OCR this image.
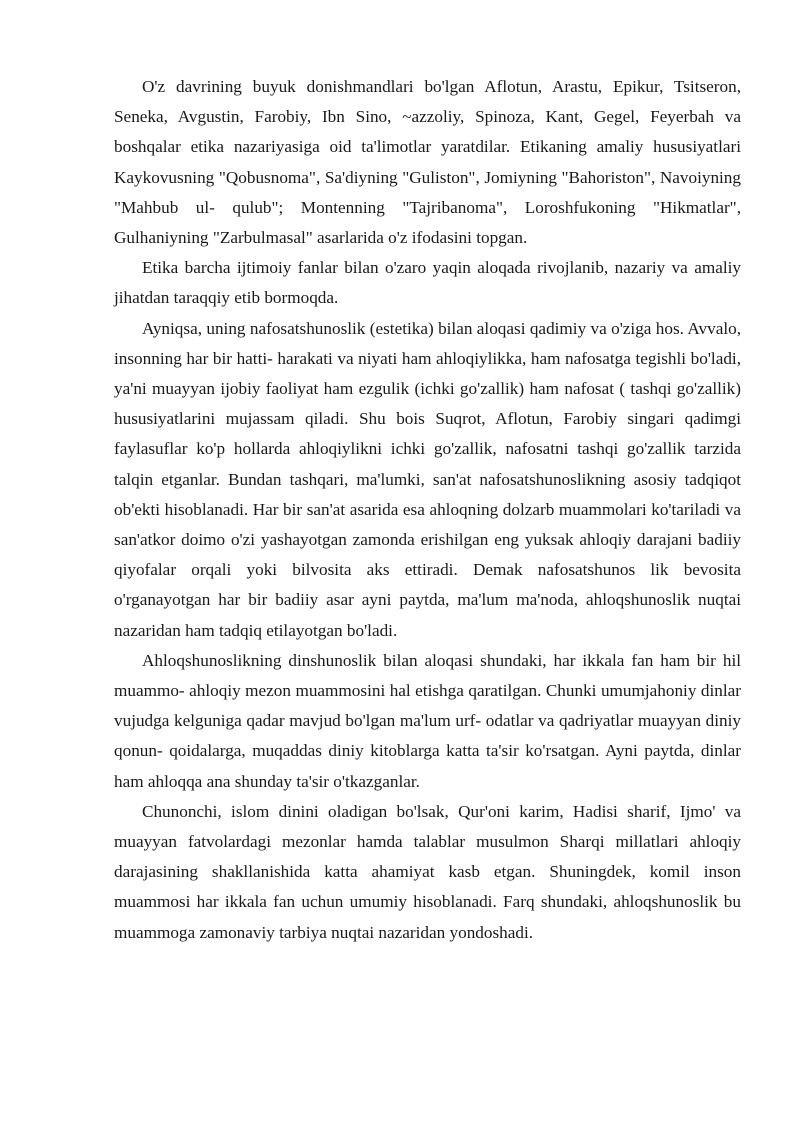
O'z davrining buyuk donishmandlari bo'lgan Aflotun, Arastu, Epikur, Tsitseron, Seneka, Avgustin, Farobiy, Ibn Sino, ~azzoliy, Spinoza, Kant, Gegel, Feyerbah va boshqalar etika nazariyasiga oid ta'limotlar yaratdilar. Etikaning amaliy hususiyatlari Kaykovusning "Qobusnoma", Sa'diyning "Guliston", Jomiyning "Bahoriston", Navoiyning "Mahbub ul- qulub"; Montenning "Tajribanoma", Loroshfukoning "Hikmatlar", Gulhaniyning "Zarbulmasal" asarlarida o'z ifodasini topgan.

Etika barcha ijtimoiy fanlar bilan o'zaro yaqin aloqada rivojlanib, nazariy va amaliy jihatdan taraqqiy etib bormoqda.

Ayniqsa, uning nafosatshunoslik (estetika) bilan aloqasi qadimiy va o'ziga hos. Avvalo, insonning har bir hatti- harakati va niyati ham ahloqiylikka, ham nafosatga tegishli bo'ladi, ya'ni muayyan ijobiy faoliyat ham ezgulik (ichki go'zallik) ham nafosat ( tashqi go'zallik) hususiyatlarini mujassam qiladi. Shu bois Suqrot, Aflotun, Farobiy singari qadimgi faylasuflar ko'p hollarda ahloqiylikni ichki go'zallik, nafosatni tashqi go'zallik tarzida talqin etganlar. Bundan tashqari, ma'lumki, san'at nafosatshunoslikning asosiy tadqiqot ob'ekti hisoblanadi. Har bir san'at asarida esa ahloqning dolzarb muammolari ko'tariladi va san'atkor doimo o'zi yashayotgan zamonda erishilgan eng yuksak ahloqiy darajani badiiy qiyofalar orqali yoki bilvosita aks ettiradi. Demak nafosatshunos lik bevosita o'rganayotgan har bir badiiy asar ayni paytda, ma'lum ma'noda, ahloqshunoslik nuqtai nazaridan ham tadqiq etilayotgan bo'ladi.

Ahloqshunoslikning dinshunoslik bilan aloqasi shundaki, har ikkala fan ham bir hil muammo- ahloqiy mezon muammosini hal etishga qaratilgan. Chunki umumjahoniy dinlar vujudga kelguniga qadar mavjud bo'lgan ma'lum urf- odatlar va qadriyatlar muayyan diniy qonun- qoidalarga, muqaddas diniy kitoblarga katta ta'sir ko'rsatgan. Ayni paytda, dinlar ham ahloqqa ana shunday ta'sir o'tkazganlar.

Chunonchi, islom dinini oladigan bo'lsak, Qur'oni karim, Hadisi sharif, Ijmo' va muayyan fatvolardagi mezonlar hamda talablar musulmon Sharqi millatlari ahloqiy darajasining shakllanishida katta ahamiyat kasb etgan. Shuningdek, komil inson muammosi har ikkala fan uchun umumiy hisoblanadi. Farq shundaki, ahloqshunoslik bu muammoga zamonaviy tarbiya nuqtai nazaridan yondoshadi.
